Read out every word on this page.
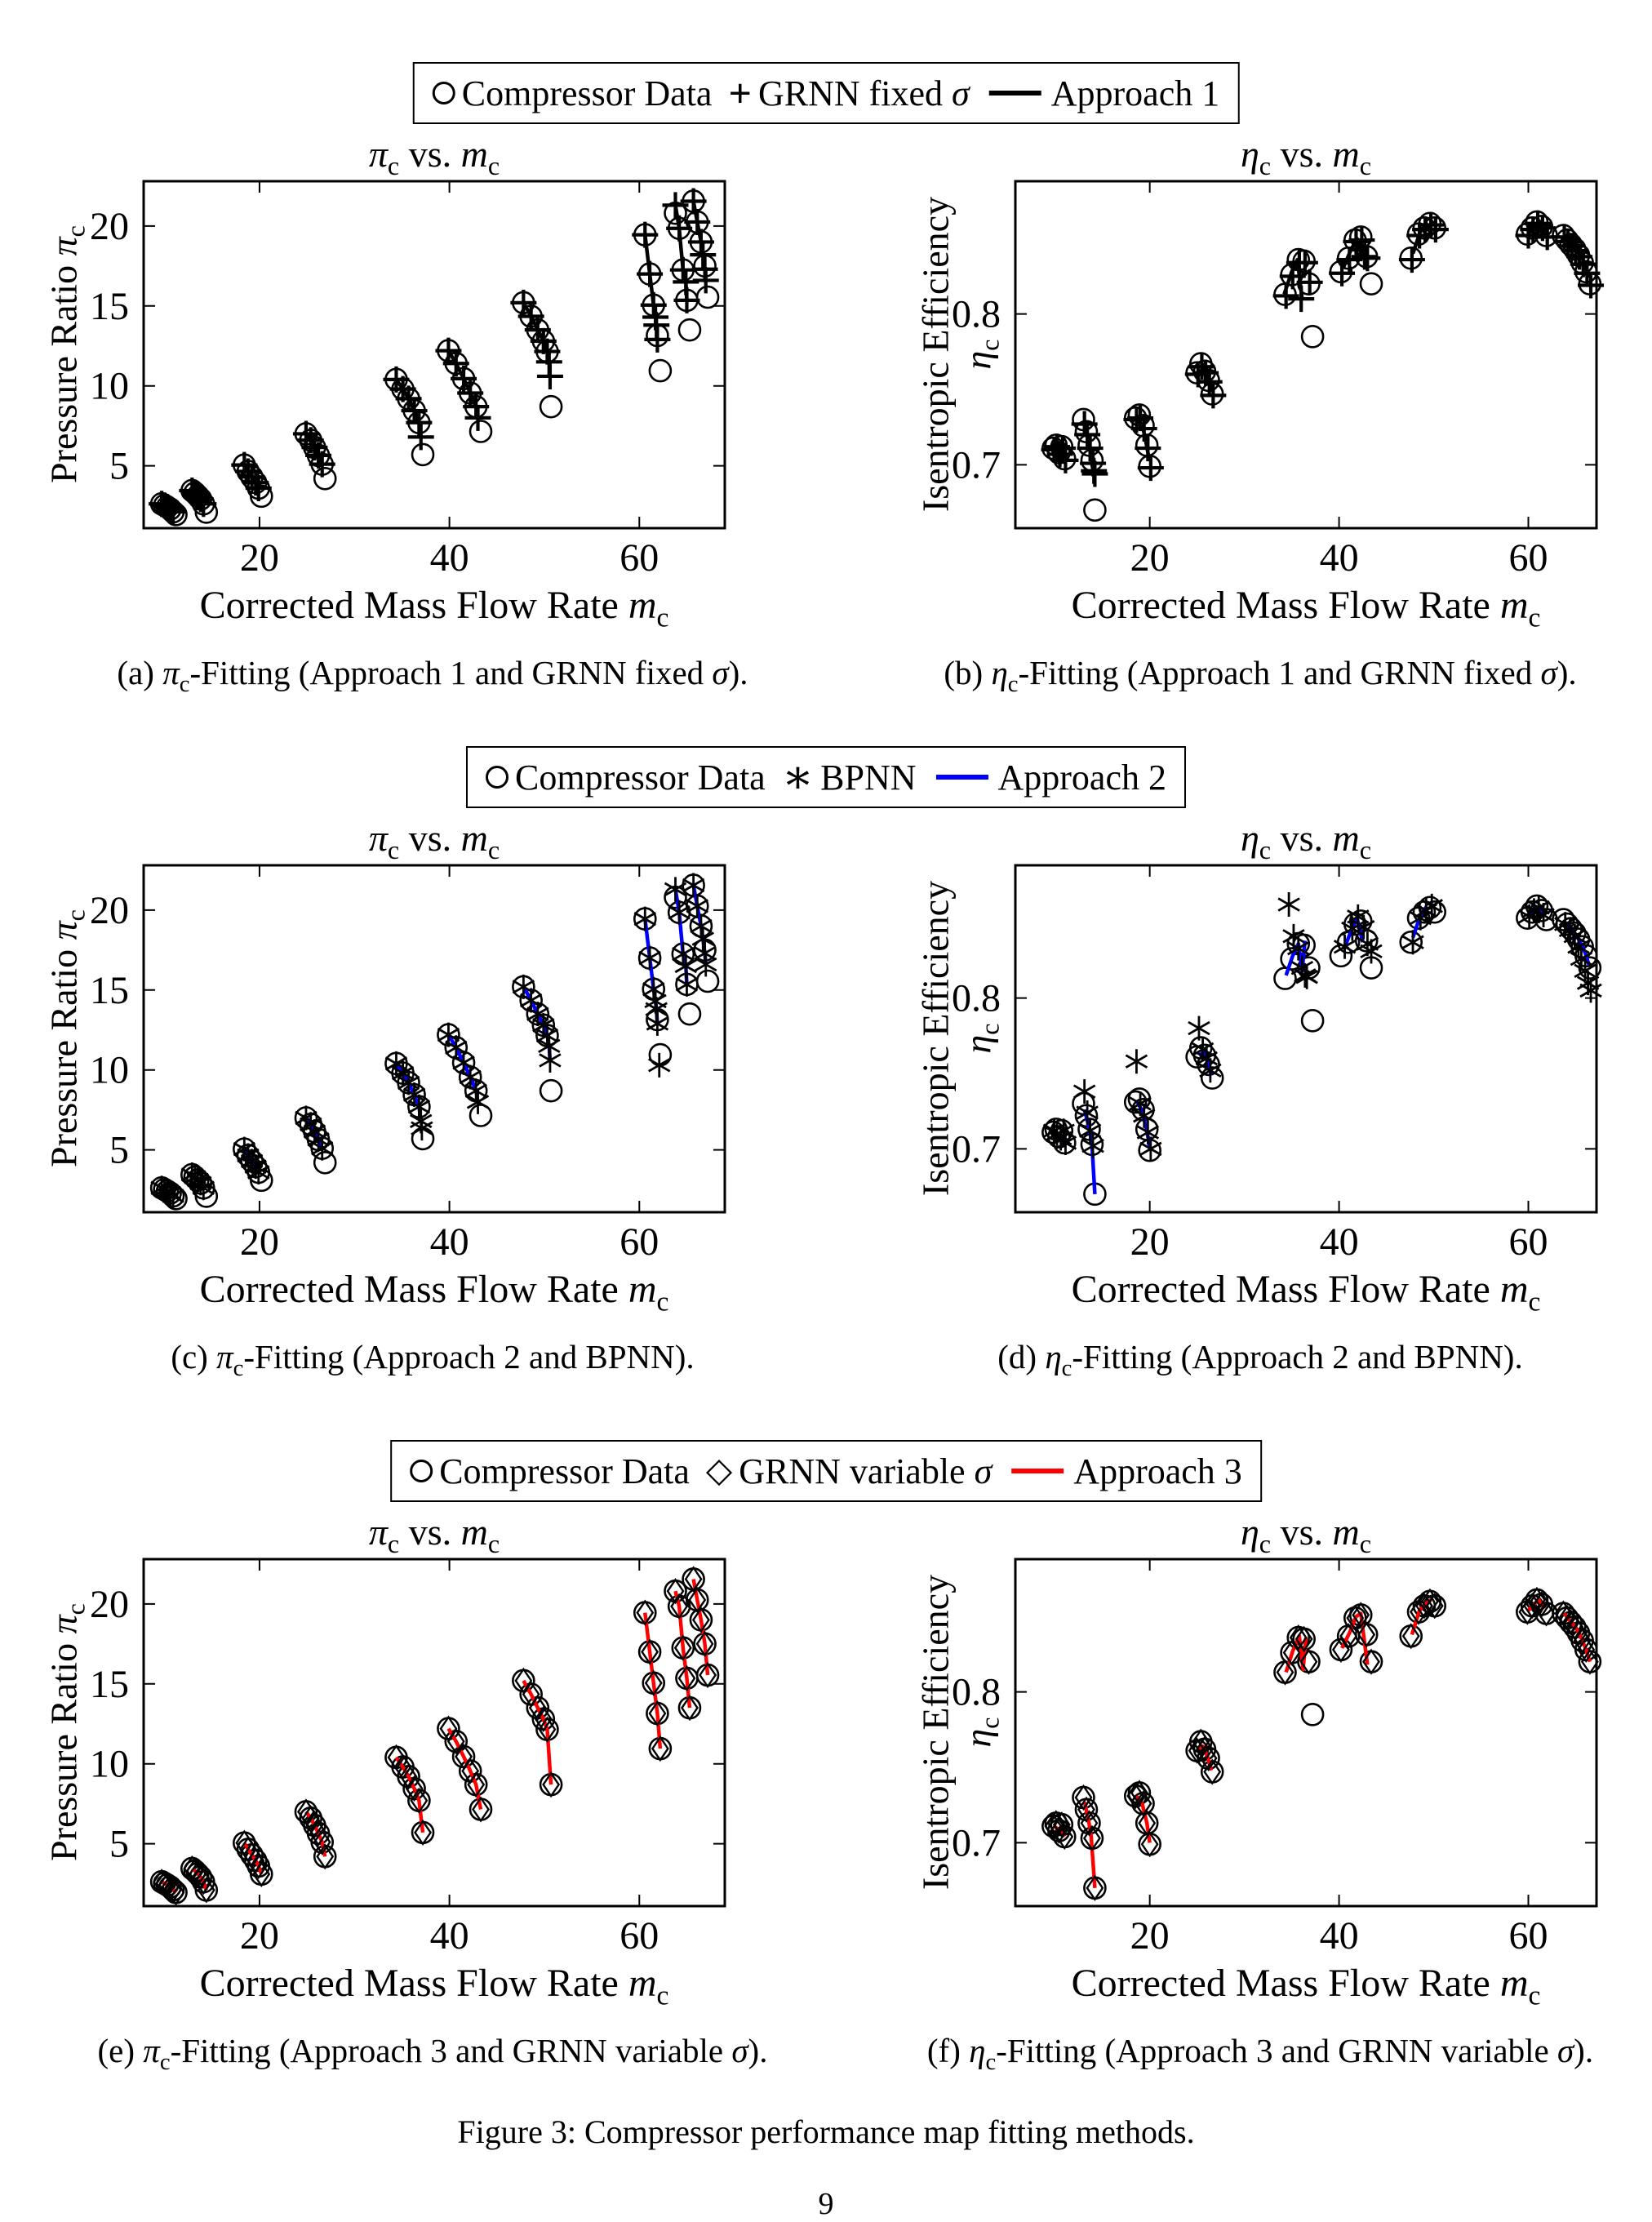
Compressor Data + GRNN fixed σ Approach 1
$\pi_c$ vs. $m_c$	$\eta_c$ vs. $m_c$
Pressure Ratio $\pi_c$	Isentropic Efficiency $\eta_c$
20	40	60
5
10
15
20
20	40	60
0.7
0.8
Corrected Mass Flow Rate $m_c$	Corrected Mass Flow Rate $m_c$
(a) $\pi_c$-Fitting (Approach 1 and GRNN fixed σ).	(b) $\eta_c$-Fitting (Approach 1 and GRNN fixed σ).
Compressor Data ∗ BPNN Approach 2
$\pi_c$ vs. $m_c$	$\eta_c$ vs. $m_c$
Pressure Ratio $\pi_c$	Isentropic Efficiency $\eta_c$
20	40	60
5
10
15
20
20	40	60
0.7
0.8
Corrected Mass Flow Rate $m_c$	Corrected Mass Flow Rate $m_c$
(c) $\pi_c$-Fitting (Approach 2 and BPNN).	(d) $\eta_c$-Fitting (Approach 2 and BPNN).
Compressor Data ◇ GRNN variable σ Approach 3
$\pi_c$ vs. $m_c$	$\eta_c$ vs. $m_c$
Pressure Ratio $\pi_c$	Isentropic Efficiency $\eta_c$
20	40	60
5
10
15
20
20	40	60
0.7
0.8
Corrected Mass Flow Rate $m_c$	Corrected Mass Flow Rate $m_c$
(e) $\pi_c$-Fitting (Approach 3 and GRNN variable σ).	(f) $\eta_c$-Fitting (Approach 3 and GRNN variable σ).
Figure 3: Compressor performance map fitting methods.
9
